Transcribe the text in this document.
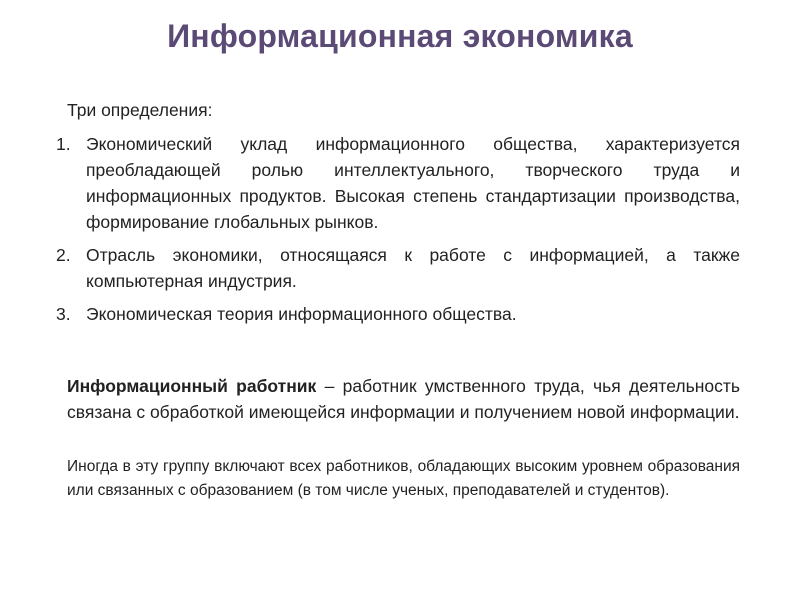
Информационная экономика
Три определения:
1. Экономический уклад информационного общества, характеризуется преобладающей ролью интеллектуального, творческого труда и информационных продуктов. Высокая степень стандартизации производства, формирование глобальных рынков.
2. Отрасль экономики, относящаяся к работе с информацией, а также компьютерная индустрия.
3. Экономическая теория информационного общества.
Информационный работник – работник умственного труда, чья деятельность связана с обработкой имеющейся информации и получением новой информации.
Иногда в эту группу включают всех работников, обладающих высоким уровнем образования или связанных с образованием (в том числе ученых, преподавателей и студентов).
